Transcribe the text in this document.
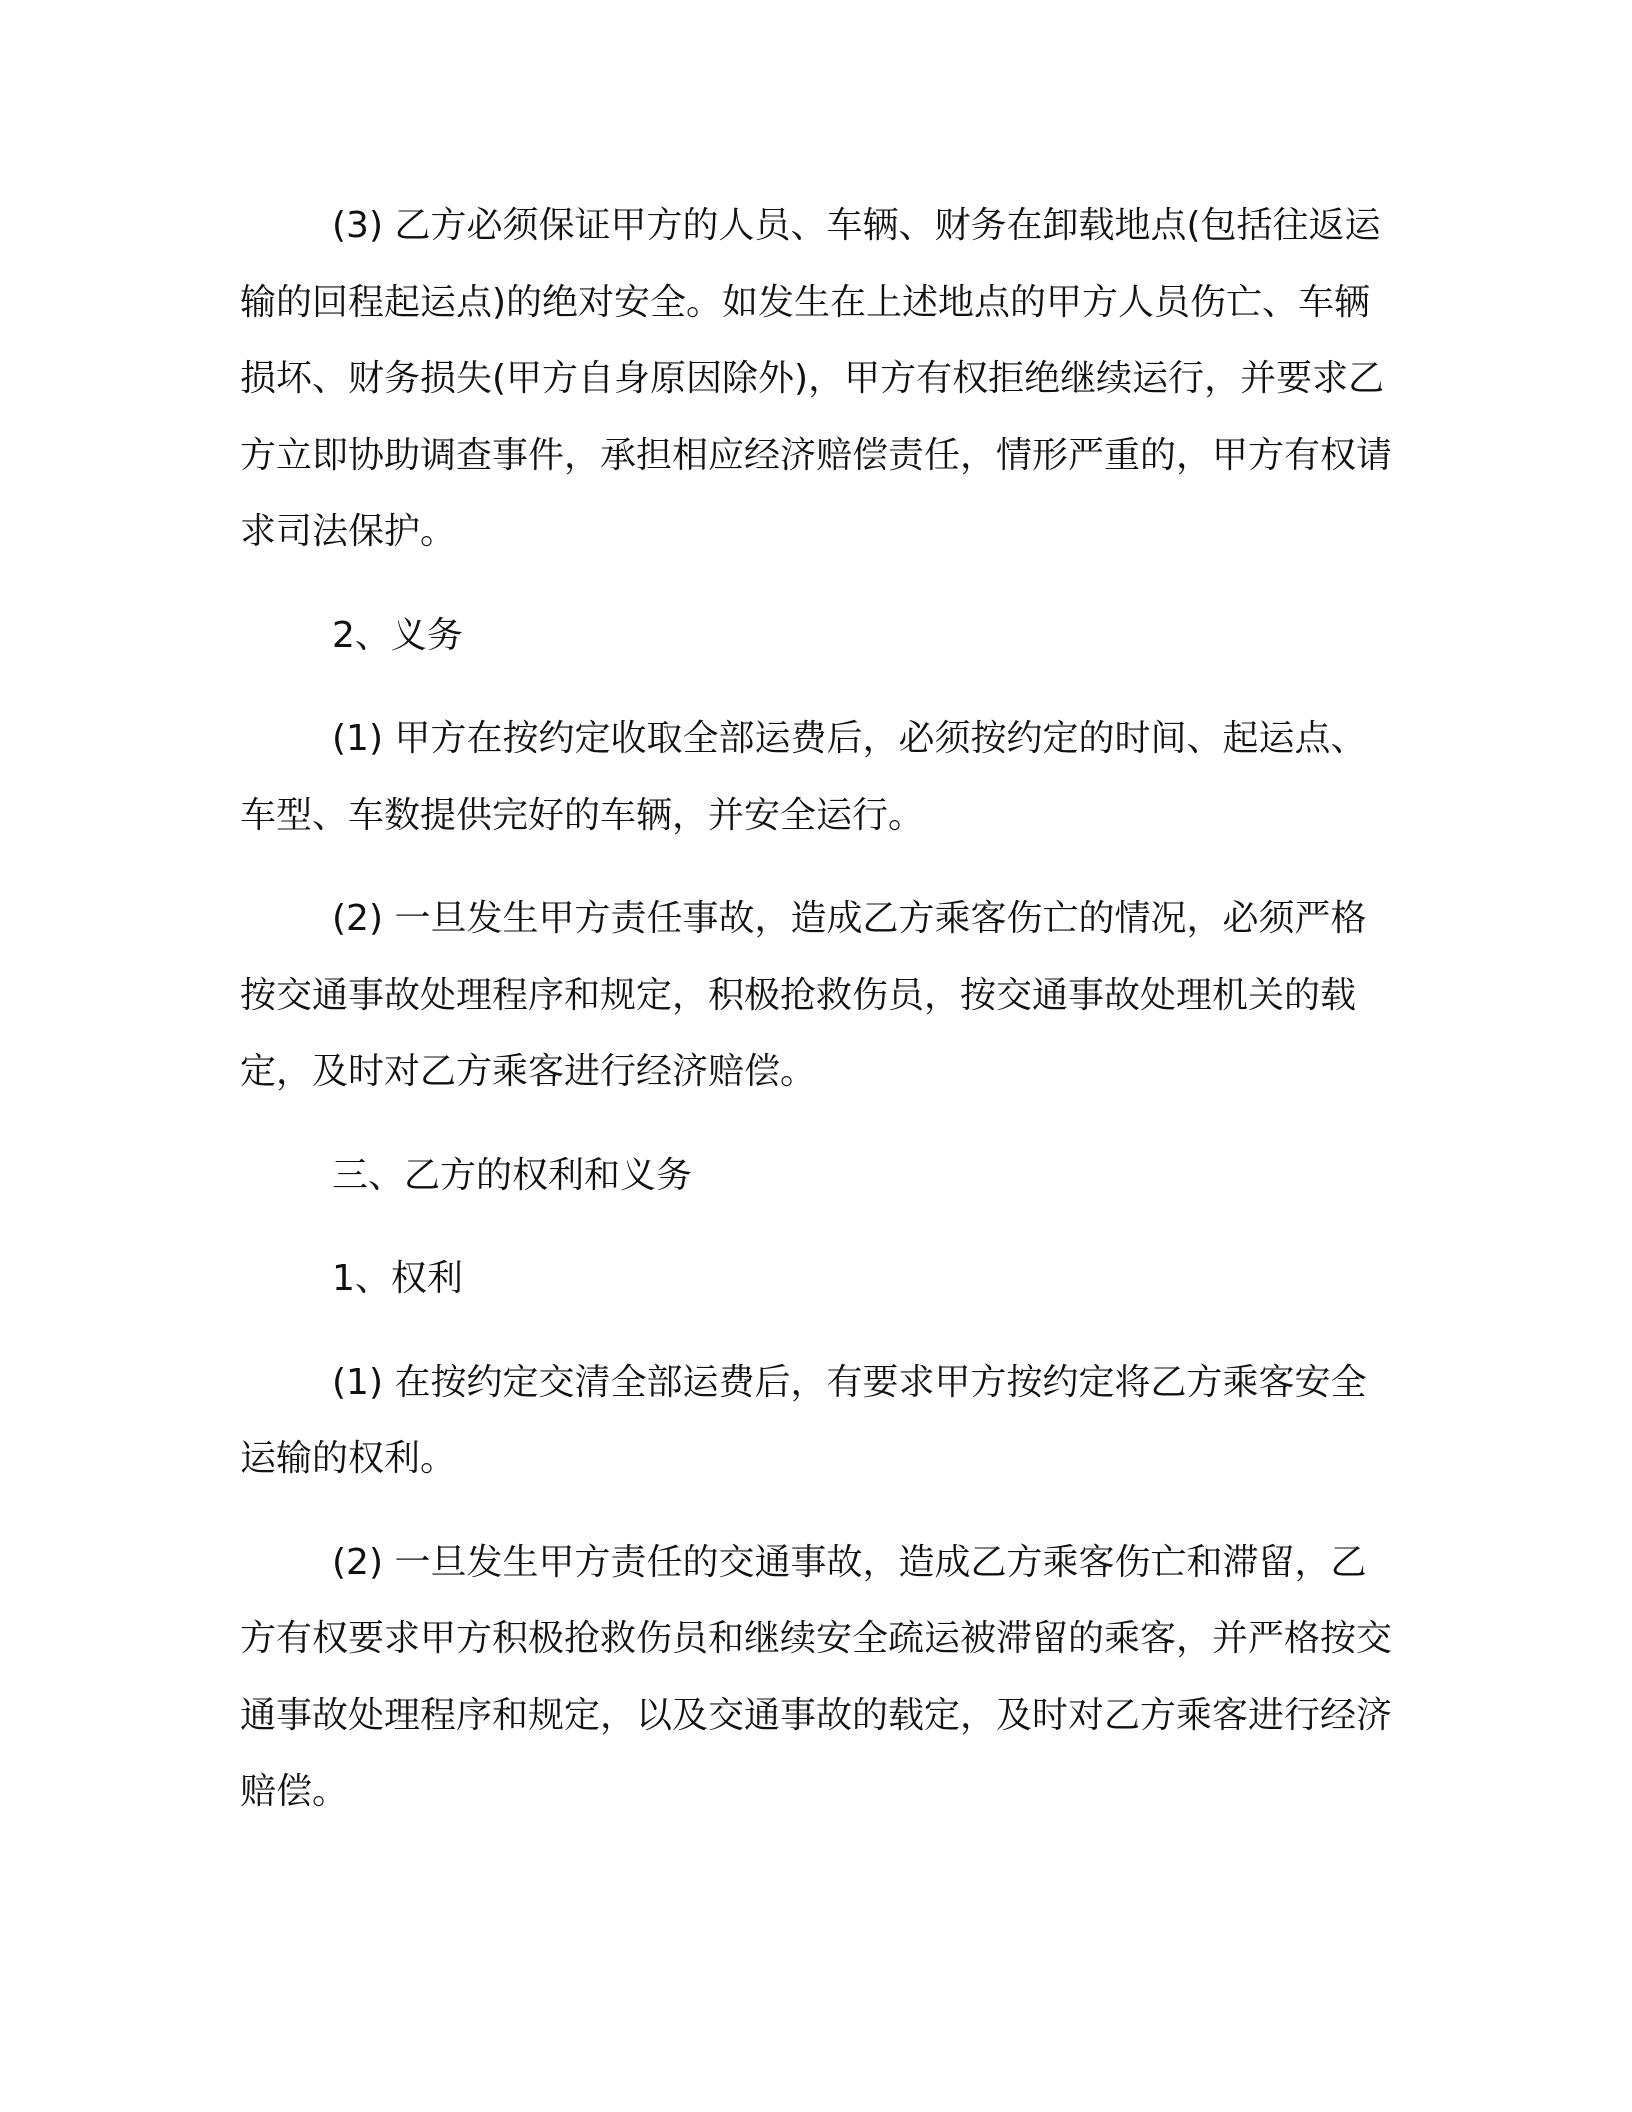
(3) 乙方必须保证甲方的人员、车辆、财务在卸载地点(包括往返运输的回程起运点)的绝对安全。如发生在上述地点的甲方人员伤亡、车辆损坏、财务损失(甲方自身原因除外)，甲方有权拒绝继续运行，并要求乙方立即协助调查事件，承担相应经济赔偿责任，情形严重的，甲方有权请求司法保护。

2、义务

(1) 甲方在按约定收取全部运费后，必须按约定的时间、起运点、车型、车数提供完好的车辆，并安全运行。

(2) 一旦发生甲方责任事故，造成乙方乘客伤亡的情况，必须严格按交通事故处理程序和规定，积极抢救伤员，按交通事故处理机关的载定，及时对乙方乘客进行经济赔偿。

三、乙方的权利和义务

1、权利

(1) 在按约定交清全部运费后，有要求甲方按约定将乙方乘客安全运输的权利。

(2) 一旦发生甲方责任的交通事故，造成乙方乘客伤亡和滞留，乙方有权要求甲方积极抢救伤员和继续安全疏运被滞留的乘客，并严格按交通事故处理程序和规定，以及交通事故的载定，及时对乙方乘客进行经济赔偿。
